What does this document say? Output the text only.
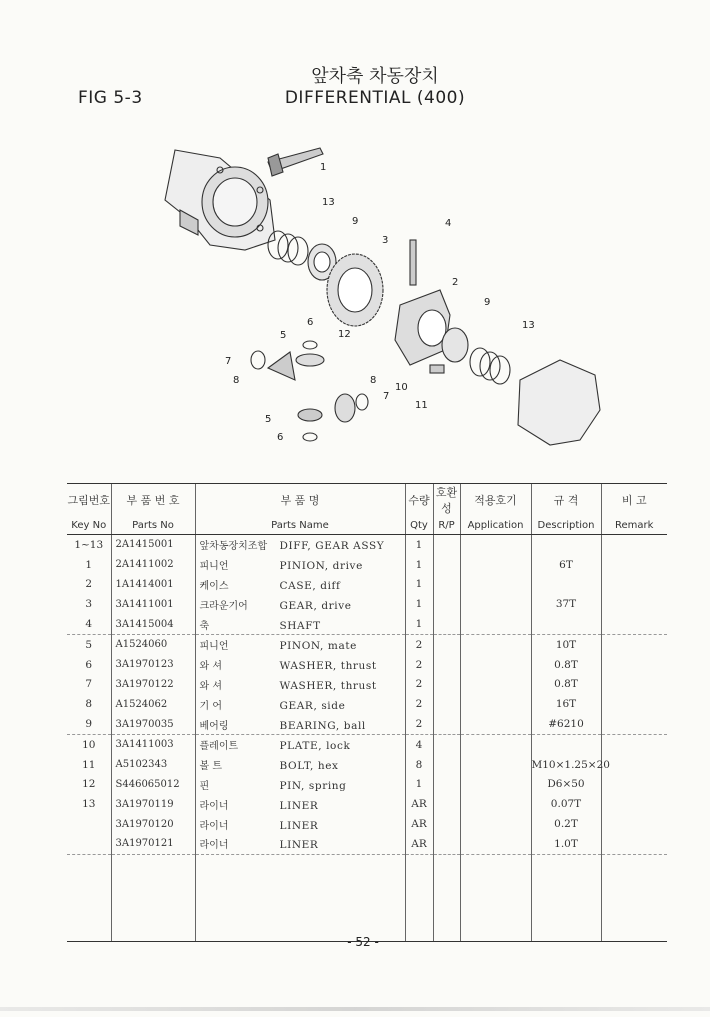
FIG 5-3
앞차축 차동장치
DIFFERENTIAL (400)
1
13
9	4
3
2
9
12
6
5
13
7
8	8
7
10
11
5
6
그림번호	부 품 번 호	부 품 명	수량	호환성	적용호기	규 격	비 고
Key No	Parts No	Parts Name	Qty	R/P	Application	Description	Remark
1~13	2A1415001	앞차동장치조합 DIFF, GEAR ASSY	1				
1	2A1411002	피니언 PINION, drive	1			6T	
2	1A1414001	케이스 CASE, diff	1				
3	3A1411001	크라운기어 GEAR, drive	1			37T	
4	3A1415004	축 SHAFT	1				
5	A1524060	피니언 PINON, mate	2			10T	
6	3A1970123	와 셔 WASHER, thrust	2			0.8T	
7	3A1970122	와 셔 WASHER, thrust	2			0.8T	
8	A1524062	기 어 GEAR, side	2			16T	
9	3A1970035	베어링 BEARING, ball	2			#6210	
10	3A1411003	플레이트 PLATE, lock	4				
11	A5102343	볼 트 BOLT, hex	8			M10×1.25×20	
12	S446065012	핀 PIN, spring	1			D6×50	
13	3A1970119	라이너 LINER	AR			0.07T	
	3A1970120	라이너 LINER	AR			0.2T	
	3A1970121	라이너 LINER	AR			1.0T	

- 52 -
